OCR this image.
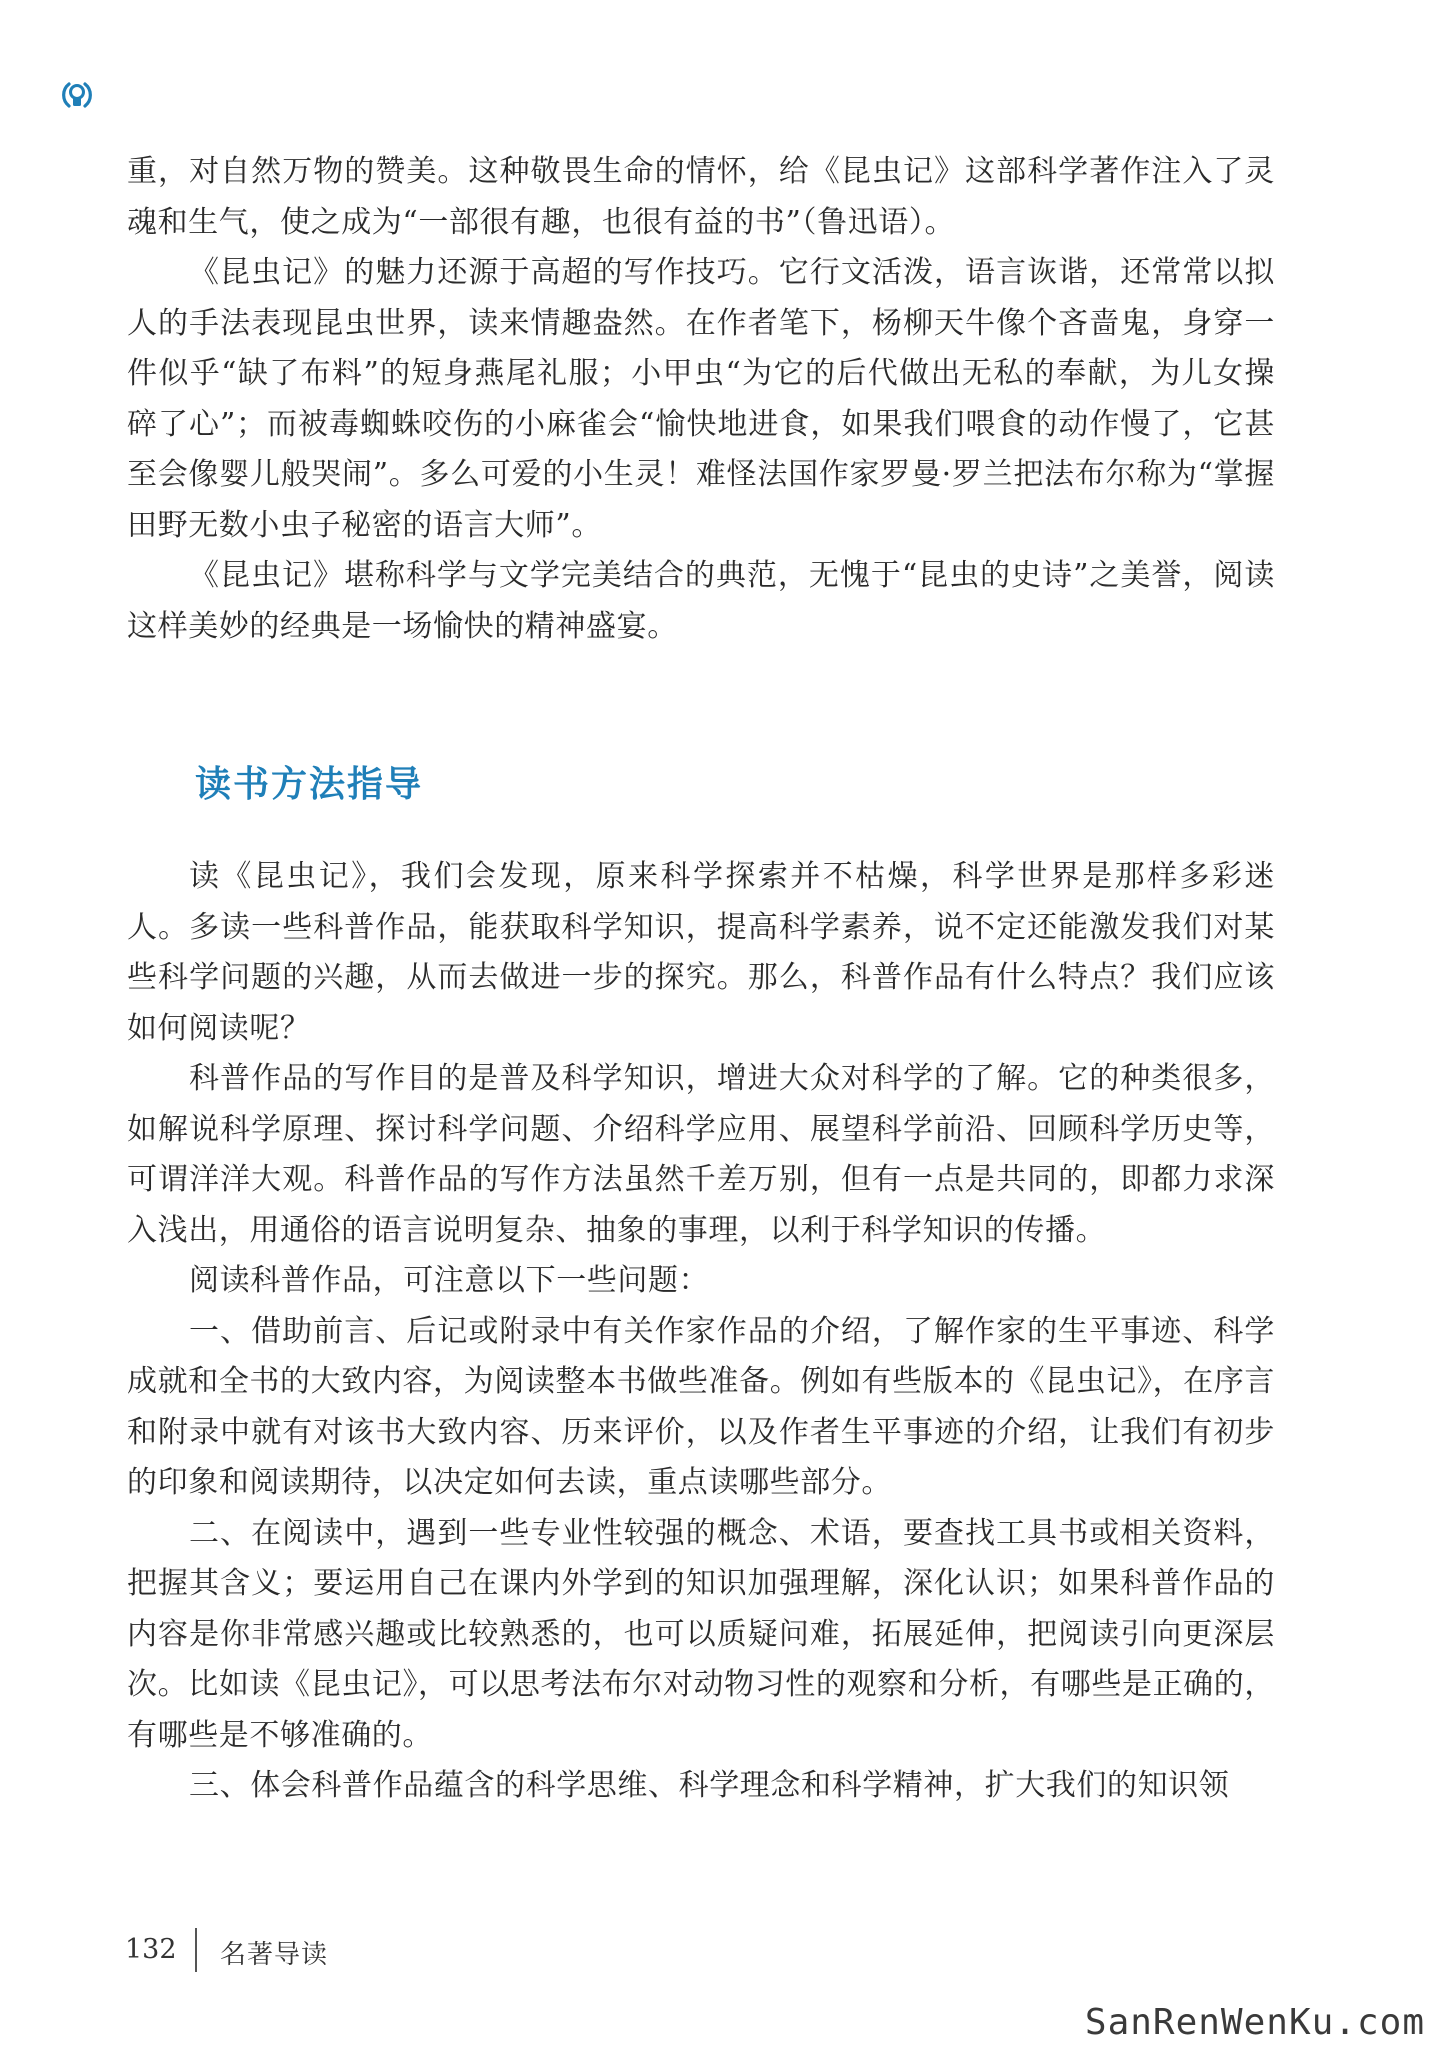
重，对自然万物的赞美。这种敬畏生命的情怀，给《昆虫记》这部科学著作注入了灵魂和生气，使之成为“一部很有趣，也很有益的书”（鲁迅语）。

《昆虫记》的魅力还源于高超的写作技巧。它行文活泼，语言诙谐，还常常以拟人的手法表现昆虫世界，读来情趣盎然。在作者笔下，杨柳天牛像个吝啬鬼，身穿一件似乎“缺了布料”的短身燕尾礼服；小甲虫“为它的后代做出无私的奉献，为儿女操碎了心”；而被毒蜘蛛咬伤的小麻雀会“愉快地进食，如果我们喂食的动作慢了，它甚至会像婴儿般哭闹”。多么可爱的小生灵！难怪法国作家罗曼·罗兰把法布尔称为“掌握田野无数小虫子秘密的语言大师”。

《昆虫记》堪称科学与文学完美结合的典范，无愧于“昆虫的史诗”之美誉，阅读这样美妙的经典是一场愉快的精神盛宴。

读书方法指导

读《昆虫记》，我们会发现，原来科学探索并不枯燥，科学世界是那样多彩迷人。多读一些科普作品，能获取科学知识，提高科学素养，说不定还能激发我们对某些科学问题的兴趣，从而去做进一步的探究。那么，科普作品有什么特点？我们应该如何阅读呢？

科普作品的写作目的是普及科学知识，增进大众对科学的了解。它的种类很多，如解说科学原理、探讨科学问题、介绍科学应用、展望科学前沿、回顾科学历史等，可谓洋洋大观。科普作品的写作方法虽然千差万别，但有一点是共同的，即都力求深入浅出，用通俗的语言说明复杂、抽象的事理，以利于科学知识的传播。

阅读科普作品，可注意以下一些问题：

一、借助前言、后记或附录中有关作家作品的介绍，了解作家的生平事迹、科学成就和全书的大致内容，为阅读整本书做些准备。例如有些版本的《昆虫记》，在序言和附录中就有对该书大致内容、历来评价，以及作者生平事迹的介绍，让我们有初步的印象和阅读期待，以决定如何去读，重点读哪些部分。

二、在阅读中，遇到一些专业性较强的概念、术语，要查找工具书或相关资料，把握其含义；要运用自己在课内外学到的知识加强理解，深化认识；如果科普作品的内容是你非常感兴趣或比较熟悉的，也可以质疑问难，拓展延伸，把阅读引向更深层次。比如读《昆虫记》，可以思考法布尔对动物习性的观察和分析，有哪些是正确的，有哪些是不够准确的。

三、体会科普作品蕴含的科学思维、科学理念和科学精神，扩大我们的知识领

132 名著导读
SanRenWenKu.com
